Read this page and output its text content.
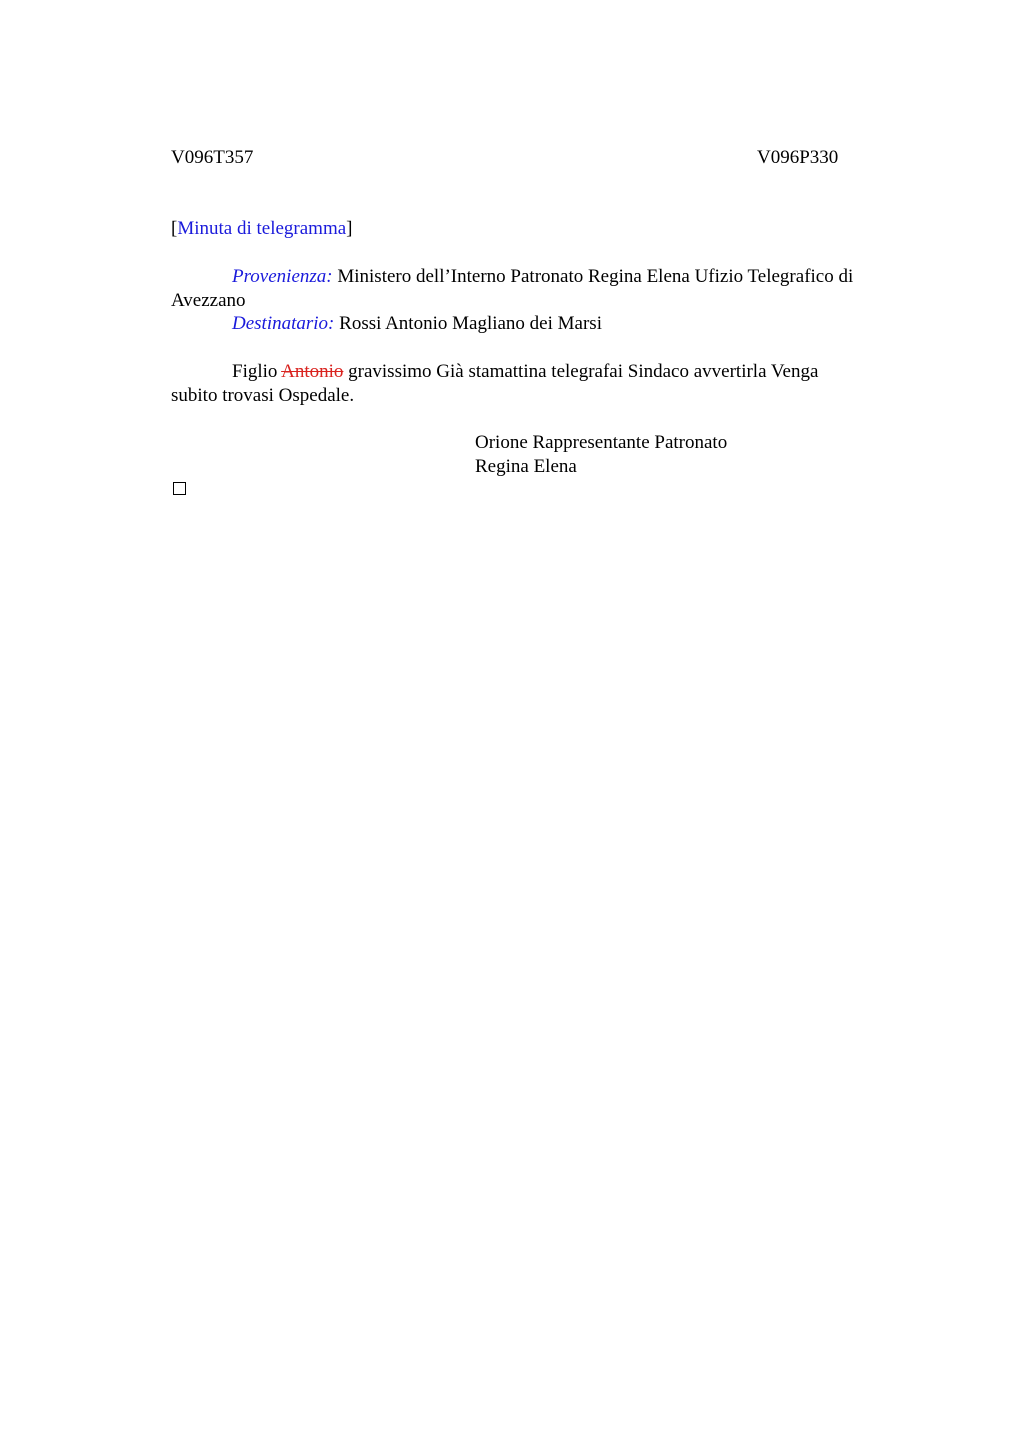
V096T357	V096P330
[Minuta di telegramma]
Provenienza: Ministero dell’Interno Patronato Regina Elena Ufizio Telegrafico di
Avezzano
Destinatario: Rossi Antonio Magliano dei Marsi
Figlio Antonio gravissimo Già stamattina telegrafai Sindaco avvertirla Venga
subito trovasi Ospedale.
Orione Rappresentante Patronato
Regina Elena
